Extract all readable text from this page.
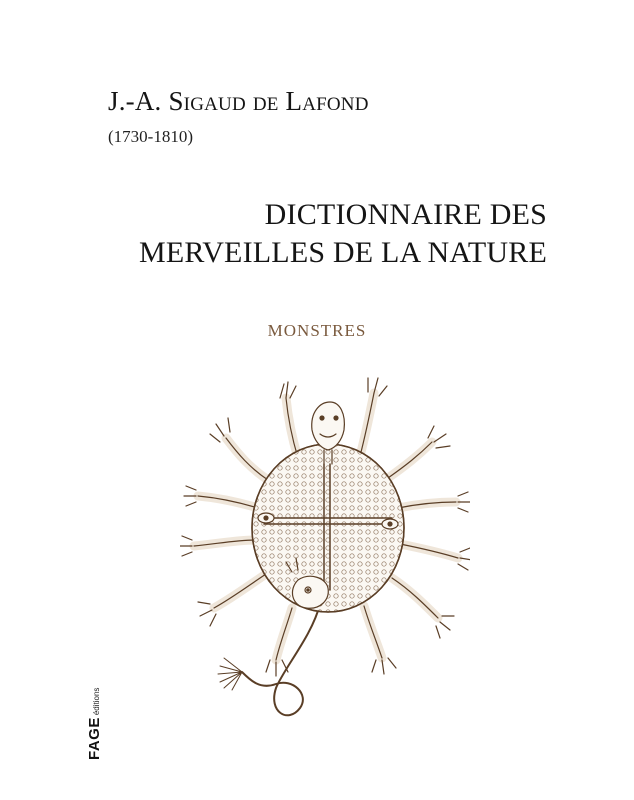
J.-A. Sigaud de Lafond
(1730-1810)
DICTIONNAIRE DES
MERVEILLES DE LA NATURE
MONSTRES
FAGE
éditions
